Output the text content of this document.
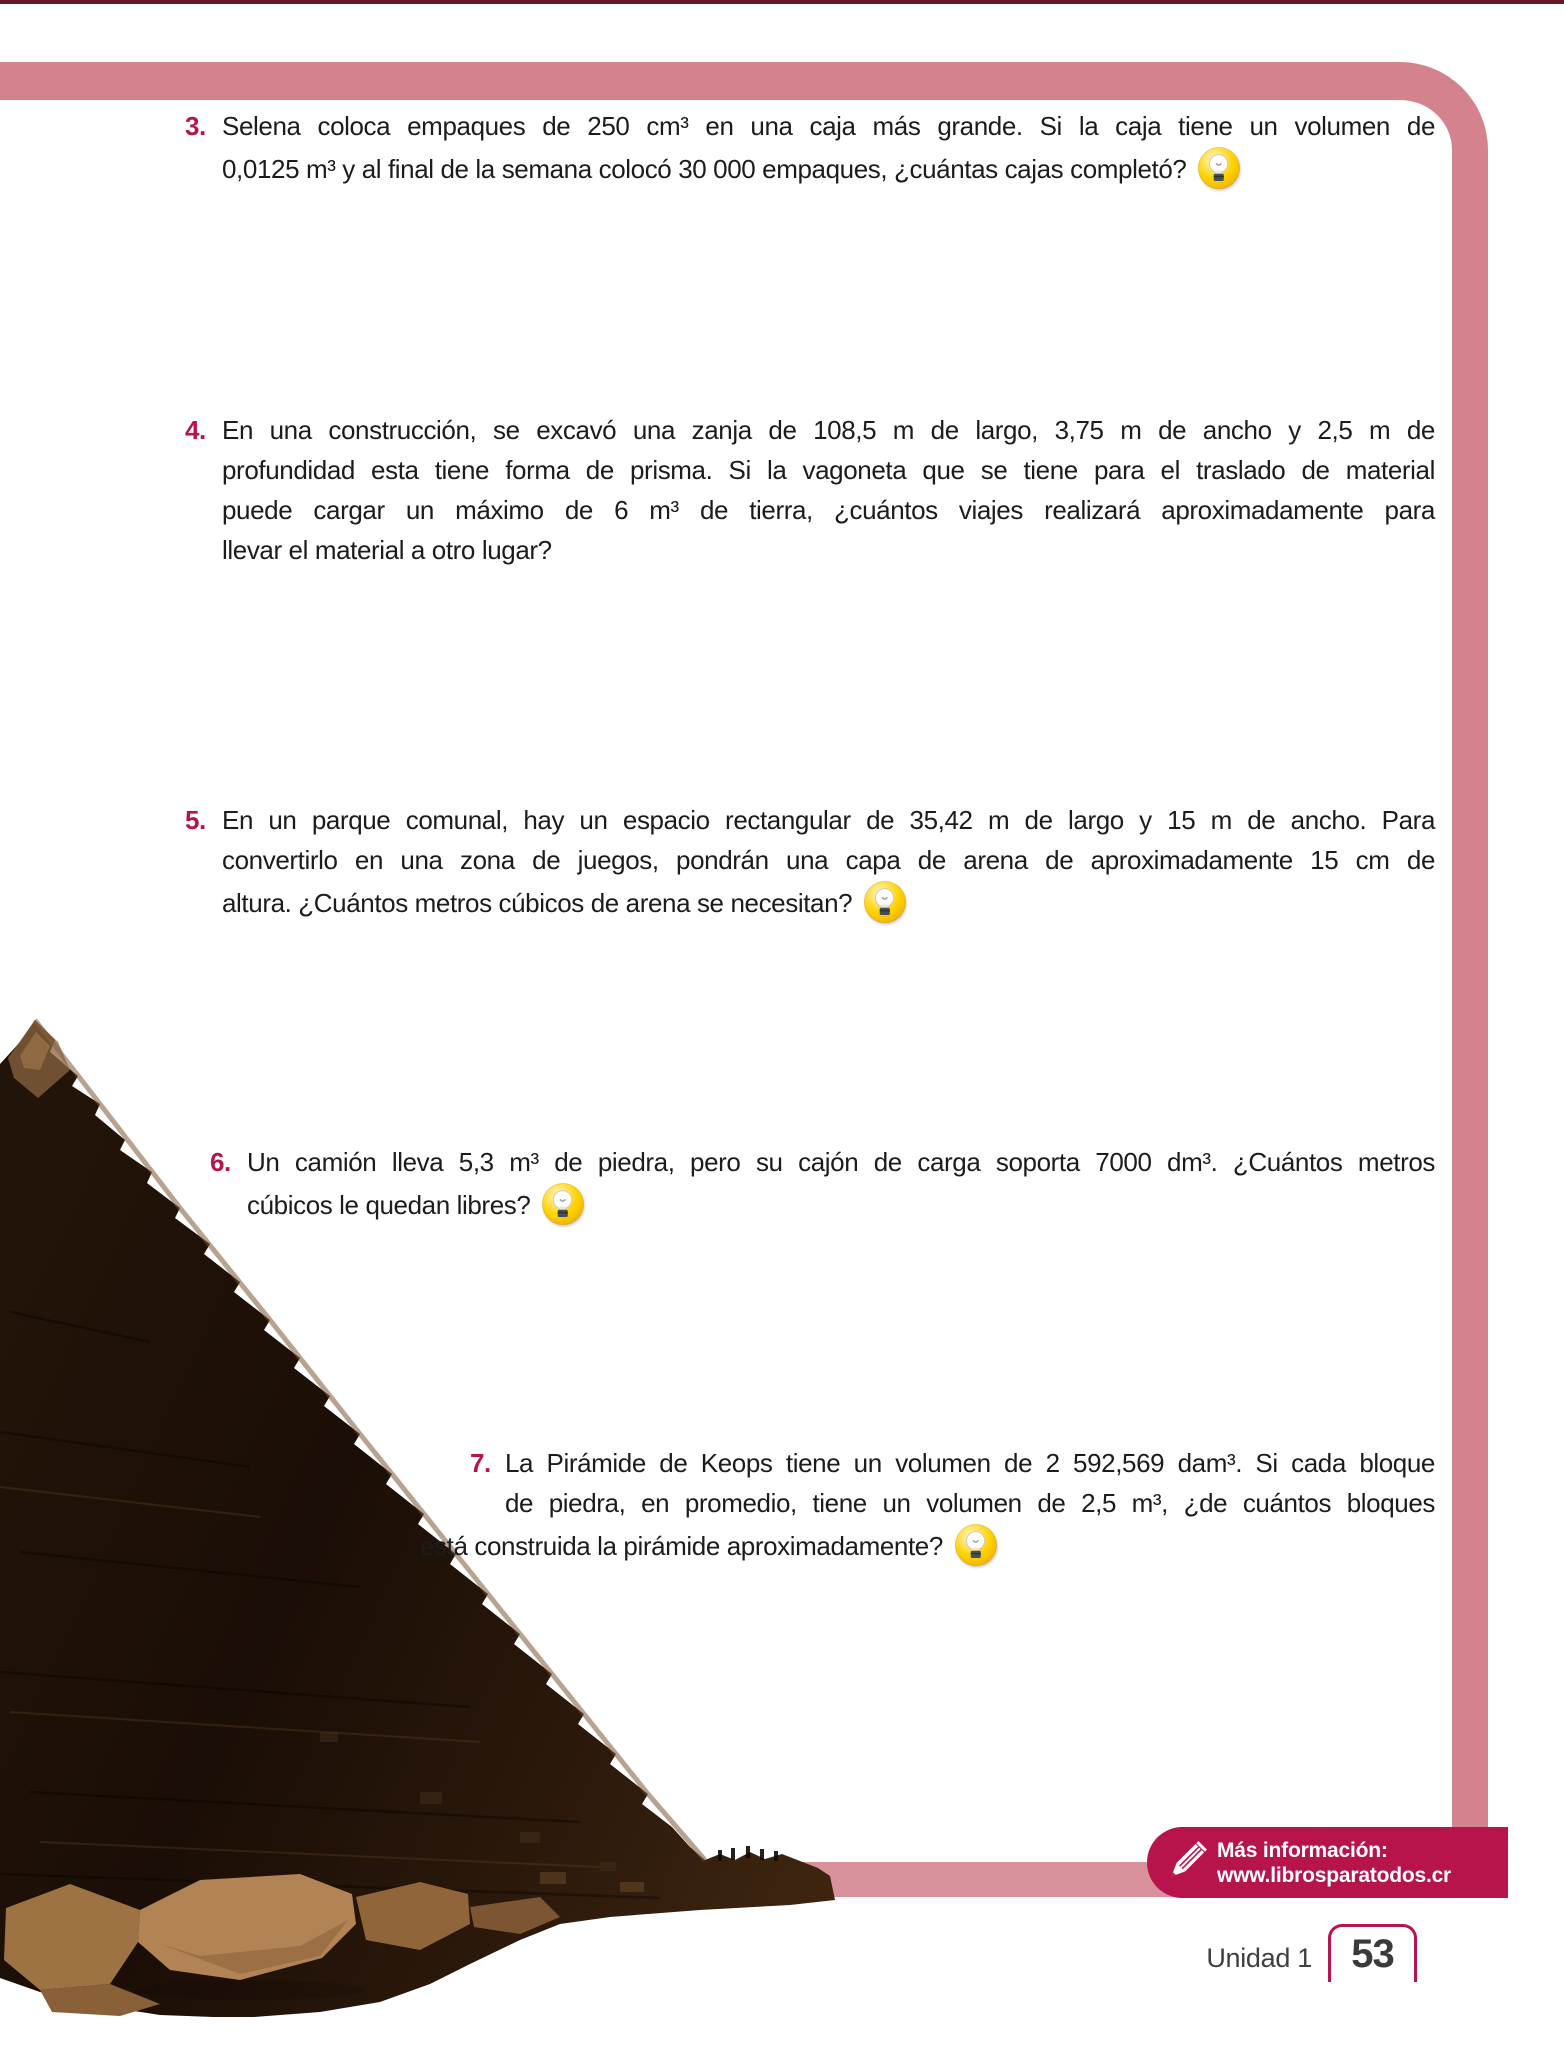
3. Selena coloca empaques de 250 cm³ en una caja más grande. Si la caja tiene un volumen de
0,0125 m³ y al final de la semana colocó 30 000 empaques, ¿cuántas cajas completó?
4. En una construcción, se excavó una zanja de 108,5 m de largo, 3,75 m de ancho y 2,5 m de
profundidad esta tiene forma de prisma. Si la vagoneta que se tiene para el traslado de material
puede cargar un máximo de 6 m³ de tierra, ¿cuántos viajes realizará aproximadamente para
llevar el material a otro lugar?
5. En un parque comunal, hay un espacio rectangular de 35,42 m de largo y 15 m de ancho. Para
convertirlo en una zona de juegos, pondrán una capa de arena de aproximadamente 15 cm de
altura. ¿Cuántos metros cúbicos de arena se necesitan?
6. Un camión lleva 5,3 m³ de piedra, pero su cajón de carga soporta 7000 dm³. ¿Cuántos metros
cúbicos le quedan libres?
7. La Pirámide de Keops tiene un volumen de 2 592,569 dam³. Si cada bloque
de piedra, en promedio, tiene un volumen de 2,5 m³, ¿de cuántos bloques
está construida la pirámide aproximadamente?
Más información:
www.librosparatodos.cr
Unidad 1 53
